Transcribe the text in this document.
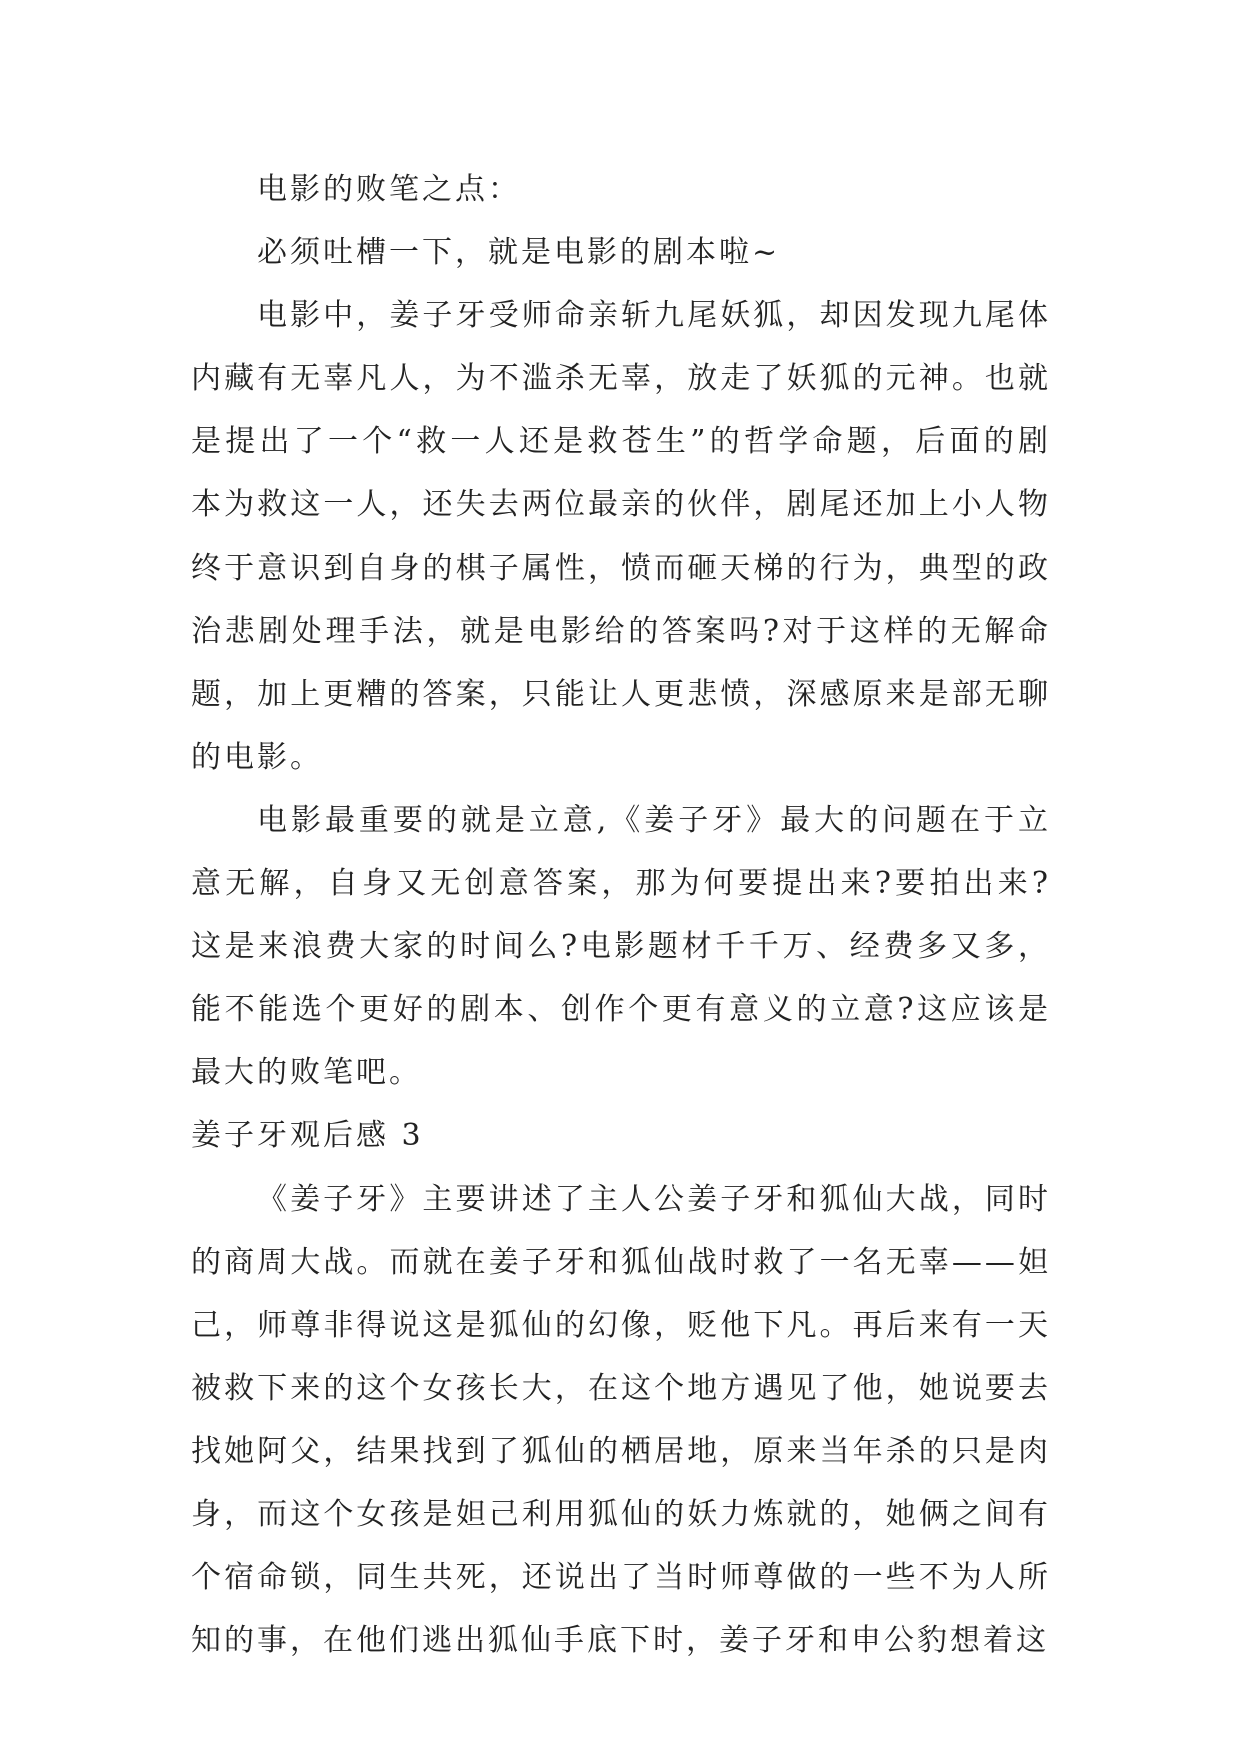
电影的败笔之点：

必须吐槽一下，就是电影的剧本啦~

电影中，姜子牙受师命亲斩九尾妖狐，却因发现九尾体内藏有无辜凡人，为不滥杀无辜，放走了妖狐的元神。也就是提出了一个“救一人还是救苍生”的哲学命题，后面的剧本为救这一人，还失去两位最亲的伙伴，剧尾还加上小人物终于意识到自身的棋子属性，愤而砸天梯的行为，典型的政治悲剧处理手法，就是电影给的答案吗?对于这样的无解命题，加上更糟的答案，只能让人更悲愤，深感原来是部无聊的电影。

电影最重要的就是立意,《姜子牙》最大的问题在于立意无解，自身又无创意答案，那为何要提出来?要拍出来?这是来浪费大家的时间么?电影题材千千万、经费多又多，能不能选个更好的剧本、创作个更有意义的立意?这应该是最大的败笔吧。

姜子牙观后感 3

《姜子牙》主要讲述了主人公姜子牙和狐仙大战，同时的商周大战。而就在姜子牙和狐仙战时救了一名无辜——妲己，师尊非得说这是狐仙的幻像，贬他下凡。再后来有一天被救下来的这个女孩长大，在这个地方遇见了他，她说要去找她阿父，结果找到了狐仙的栖居地，原来当年杀的只是肉身，而这个女孩是妲己利用狐仙的妖力炼就的，她俩之间有个宿命锁，同生共死，还说出了当时师尊做的一些不为人所知的事，在他们逃出狐仙手底下时，姜子牙和申公豹想着这
